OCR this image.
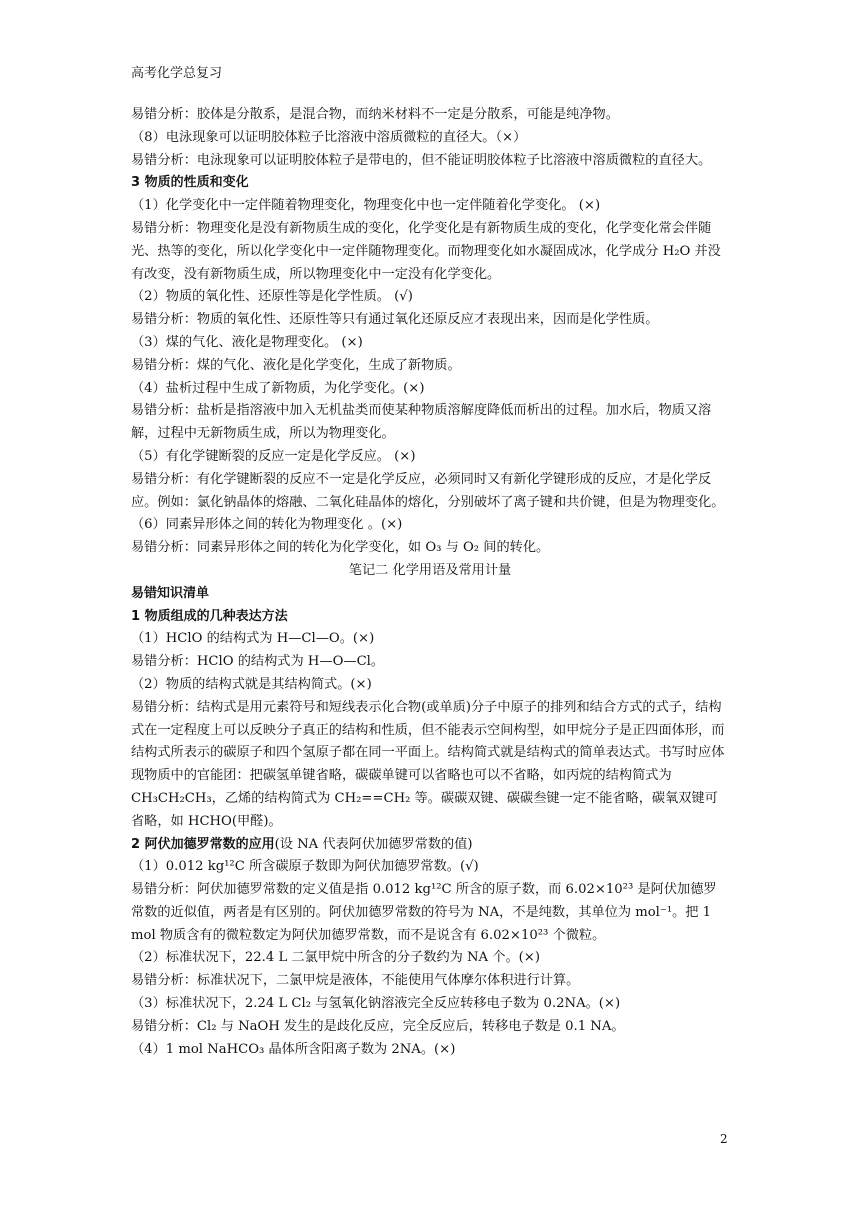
高考化学总复习
易错分析：胶体是分散系，是混合物，而纳米材料不一定是分散系，可能是纯净物。
（8）电泳现象可以证明胶体粒子比溶液中溶质微粒的直径大。（×）
易错分析：电泳现象可以证明胶体粒子是带电的，但不能证明胶体粒子比溶液中溶质微粒的直径大。
3 物质的性质和变化
（1）化学变化中一定伴随着物理变化，物理变化中也一定伴随着化学变化。 (×)
易错分析：物理变化是没有新物质生成的变化，化学变化是有新物质生成的变化，化学变化常会伴随光、热等的变化，所以化学变化中一定伴随物理变化。而物理变化如水凝固成冰，化学成分 H₂O 并没有改变，没有新物质生成，所以物理变化中一定没有化学变化。
（2）物质的氧化性、还原性等是化学性质。 (√)
易错分析：物质的氧化性、还原性等只有通过氧化还原反应才表现出来，因而是化学性质。
（3）煤的气化、液化是物理变化。 (×)
易错分析：煤的气化、液化是化学变化，生成了新物质。
（4）盐析过程中生成了新物质，为化学变化。(×)
易错分析：盐析是指溶液中加入无机盐类而使某种物质溶解度降低而析出的过程。加水后，物质又溶解，过程中无新物质生成，所以为物理变化。
（5）有化学键断裂的反应一定是化学反应。 (×)
易错分析：有化学键断裂的反应不一定是化学反应，必须同时又有新化学键形成的反应，才是化学反应。例如：氯化钠晶体的熔融、二氧化硅晶体的熔化，分别破坏了离子键和共价键，但是为物理变化。
（6）同素异形体之间的转化为物理变化 。(×)
易错分析：同素异形体之间的转化为化学变化，如 O₃ 与 O₂ 间的转化。
笔记二 化学用语及常用计量
易错知识清单
1 物质组成的几种表达方法
（1）HClO 的结构式为 H—Cl—O。(×)
易错分析：HClO 的结构式为 H—O—Cl。
（2）物质的结构式就是其结构简式。(×)
易错分析：结构式是用元素符号和短线表示化合物(或单质)分子中原子的排列和结合方式的式子，结构式在一定程度上可以反映分子真正的结构和性质，但不能表示空间构型，如甲烷分子是正四面体形，而结构式所表示的碳原子和四个氢原子都在同一平面上。结构简式就是结构式的简单表达式。书写时应体现物质中的官能团：把碳氢单键省略，碳碳单键可以省略也可以不省略，如丙烷的结构简式为 CH₃CH₂CH₃，乙烯的结构简式为 CH₂==CH₂ 等。碳碳双键、碳碳叁键一定不能省略，碳氧双键可省略，如 HCHO(甲醛)。
2 阿伏加德罗常数的应用(设 NA 代表阿伏加德罗常数的值)
（1）0.012 kg¹²C 所含碳原子数即为阿伏加德罗常数。(√)
易错分析：阿伏加德罗常数的定义值是指 0.012 kg¹²C 所含的原子数，而 6.02×10²³ 是阿伏加德罗常数的近似值，两者是有区别的。阿伏加德罗常数的符号为 NA，不是纯数，其单位为 mol⁻¹。把 1 mol 物质含有的微粒数定为阿伏加德罗常数，而不是说含有 6.02×10²³ 个微粒。
（2）标准状况下，22.4 L 二氯甲烷中所含的分子数约为 NA 个。(×)
易错分析：标准状况下，二氯甲烷是液体，不能使用气体摩尔体积进行计算。
（3）标准状况下，2.24 L Cl₂ 与氢氧化钠溶液完全反应转移电子数为 0.2NA。(×)
易错分析：Cl₂ 与 NaOH 发生的是歧化反应，完全反应后，转移电子数是 0.1 NA。
（4）1 mol NaHCO₃ 晶体所含阳离子数为 2NA。(×)
2
